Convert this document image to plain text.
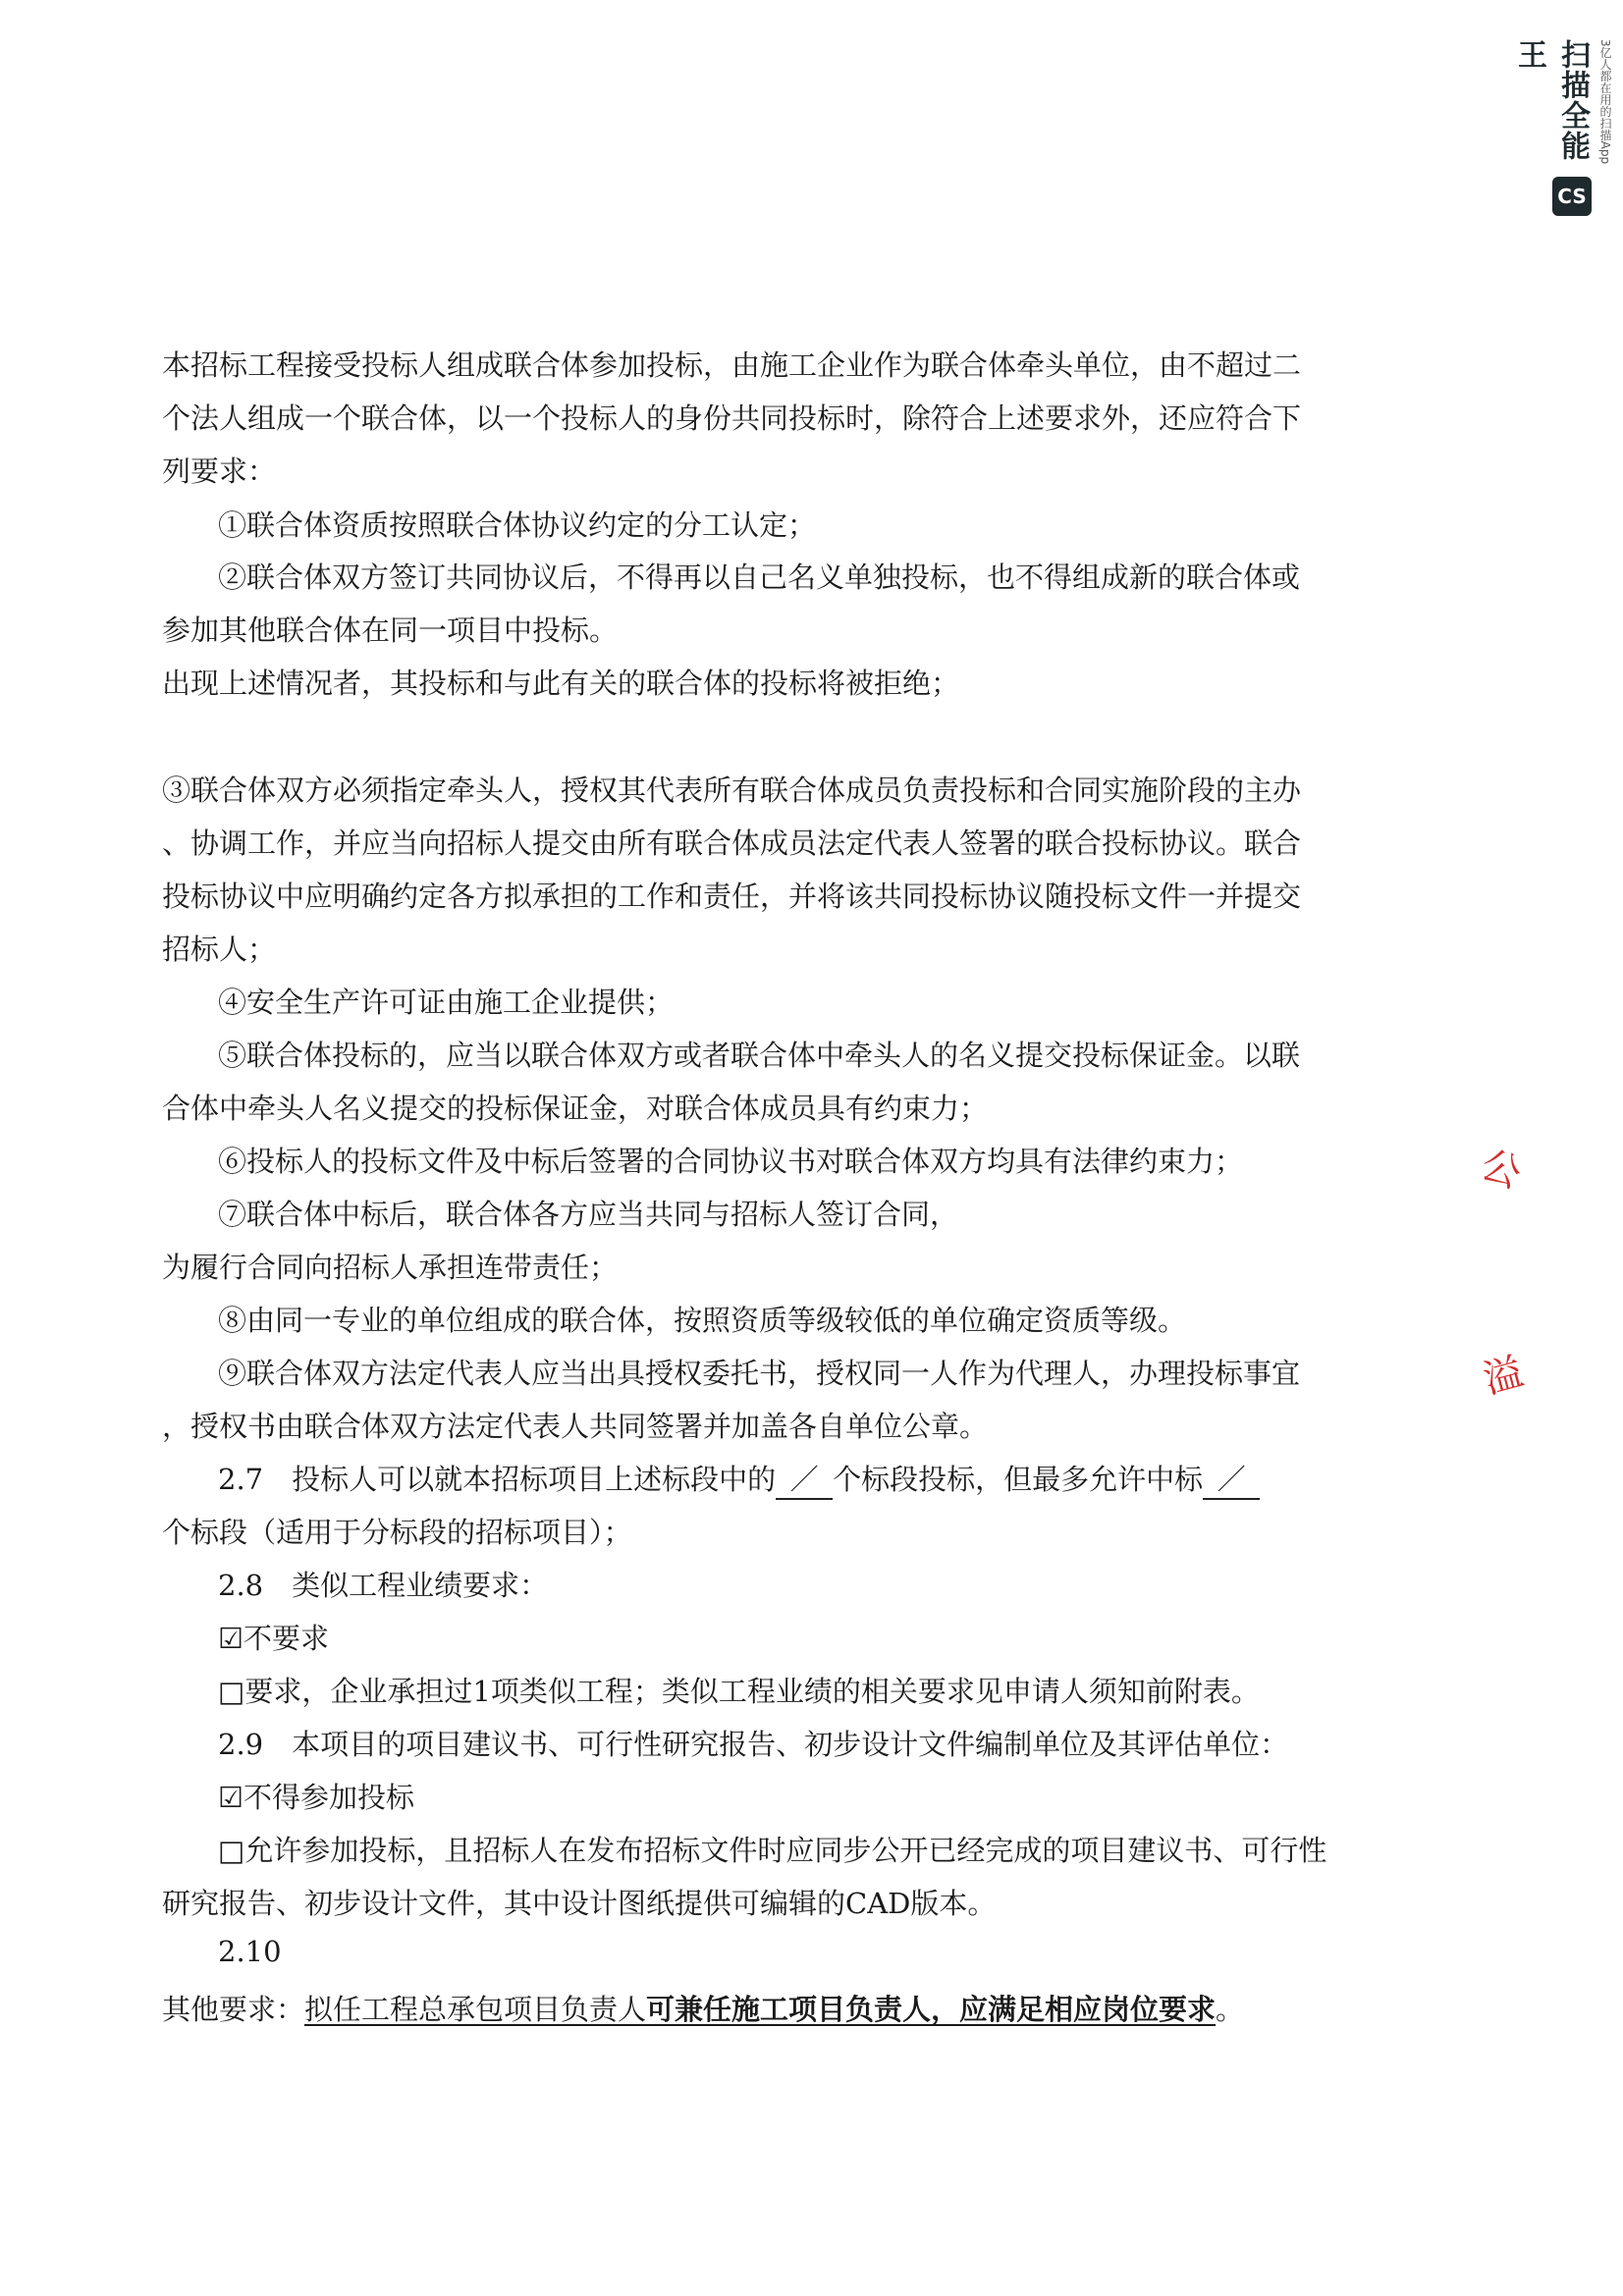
扫描全能王
CS
3亿人都在用的扫描App
本招标工程接受投标人组成联合体参加投标，由施工企业作为联合体牵头单位，由不超过二
个法人组成一个联合体，以一个投标人的身份共同投标时，除符合上述要求外，还应符合下
列要求：
①联合体资质按照联合体协议约定的分工认定；
②联合体双方签订共同协议后，不得再以自己名义单独投标，也不得组成新的联合体或
参加其他联合体在同一项目中投标。
出现上述情况者，其投标和与此有关的联合体的投标将被拒绝；
③联合体双方必须指定牵头人，授权其代表所有联合体成员负责投标和合同实施阶段的主办
、协调工作，并应当向招标人提交由所有联合体成员法定代表人签署的联合投标协议。联合
投标协议中应明确约定各方拟承担的工作和责任，并将该共同投标协议随投标文件一并提交
招标人；
④安全生产许可证由施工企业提供；
⑤联合体投标的，应当以联合体双方或者联合体中牵头人的名义提交投标保证金。以联
合体中牵头人名义提交的投标保证金，对联合体成员具有约束力；
⑥投标人的投标文件及中标后签署的合同协议书对联合体双方均具有法律约束力；
⑦联合体中标后，联合体各方应当共同与招标人签订合同，
为履行合同向招标人承担连带责任；
⑧由同一专业的单位组成的联合体，按照资质等级较低的单位确定资质等级。
⑨联合体双方法定代表人应当出具授权委托书，授权同一人作为代理人，办理投标事宜
，授权书由联合体双方法定代表人共同签署并加盖各自单位公章。
2.7　投标人可以就本招标项目上述标段中的 ／ 个标段投标，但最多允许中标 ／
个标段（适用于分标段的招标项目）；
2.8　类似工程业绩要求：
☑不要求
□要求，企业承担过1项类似工程；类似工程业绩的相关要求见申请人须知前附表。
2.9　本项目的项目建议书、可行性研究报告、初步设计文件编制单位及其评估单位：
☑不得参加投标
□允许参加投标，且招标人在发布招标文件时应同步公开已经完成的项目建议书、可行性
研究报告、初步设计文件，其中设计图纸提供可编辑的CAD版本。
2.10
其他要求：拟任工程总承包项目负责人可兼任施工项目负责人，应满足相应岗位要求。
公
溢
